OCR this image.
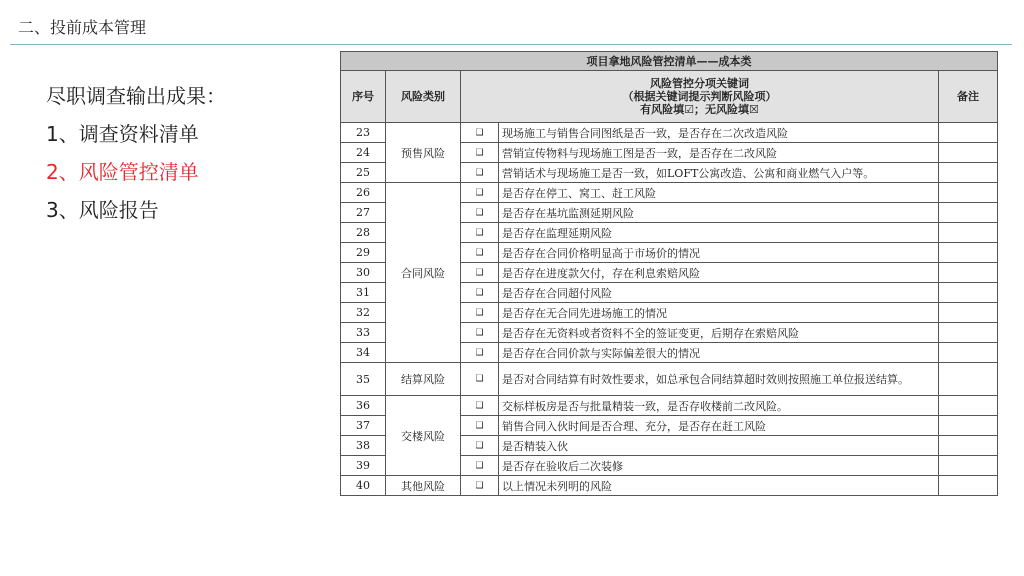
二、投前成本管理
尽职调查输出成果：
1、调查资料清单
2、风险管控清单
3、风险报告
项目拿地风险管控清单——成本类				
序号	风险类别	风险管控分项关键词
（根据关键词提示判断风险项）
有风险填☑；无风险填☒		备注
23	预售风险	❑	现场施工与销售合同图纸是否一致，是否存在二次改造风险	
24		❑	营销宣传物料与现场施工图是否一致，是否存在二改风险	
25		❑	营销话术与现场施工是否一致，如LOFT公寓改造、公寓和商业燃气入户等。	
26	合同风险	❑	是否存在停工、窝工、赶工风险	
27		❑	是否存在基坑监测延期风险	
28		❑	是否存在监理延期风险	
29		❑	是否存在合同价格明显高于市场价的情况	
30		❑	是否存在进度款欠付，存在利息索赔风险	
31		❑	是否存在合同超付风险	
32		❑	是否存在无合同先进场施工的情况	
33		❑	是否存在无资料或者资料不全的签证变更，后期存在索赔风险	
34		❑	是否存在合同价款与实际偏差很大的情况	
35	结算风险	❑	是否对合同结算有时效性要求，如总承包合同结算超时效则按照施工单位报送结算。	
36	交楼风险	❑	交标样板房是否与批量精装一致，是否存收楼前二改风险。	
37		❑	销售合同入伙时间是否合理、充分，是否存在赶工风险	
38		❑	是否精装入伙	
39		❑	是否存在验收后二次装修	
40	其他风险	❑	以上情况未列明的风险	
